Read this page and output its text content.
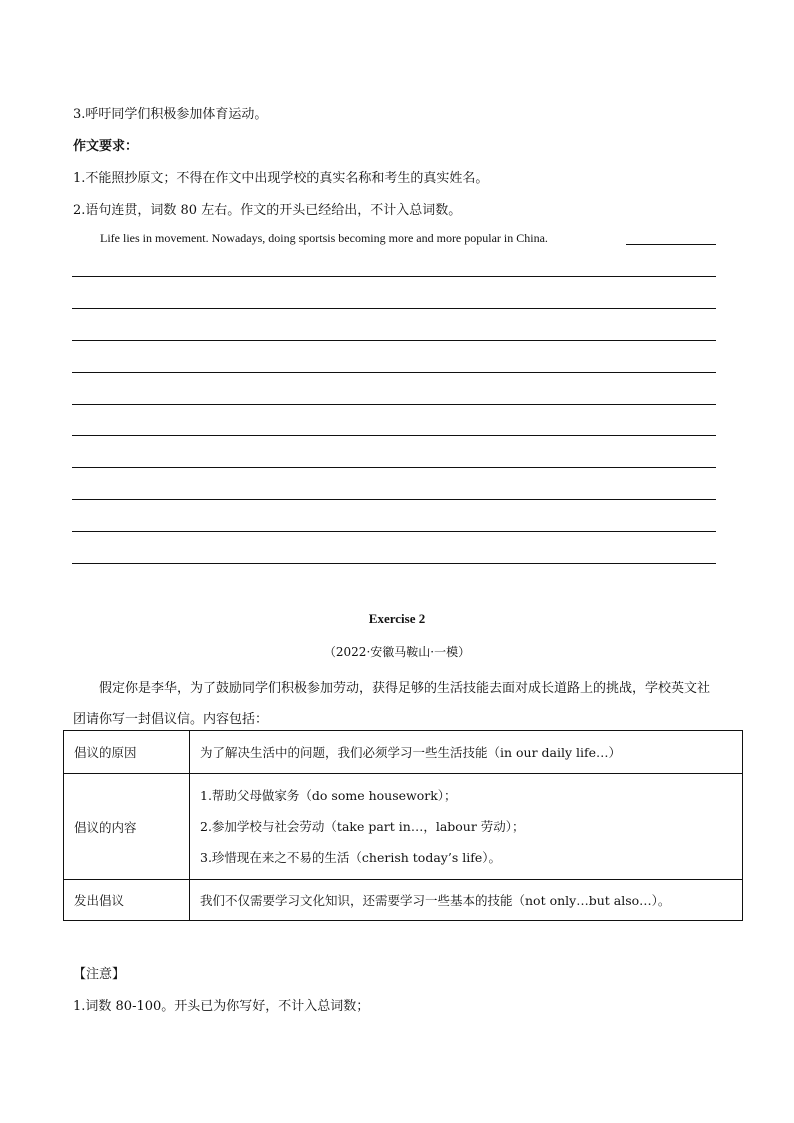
3.呼吁同学们积极参加体育运动。
作文要求：
1.不能照抄原文；不得在作文中出现学校的真实名称和考生的真实姓名。
2.语句连贯，词数 80 左右。作文的开头已经给出，不计入总词数。
Life lies in movement. Nowadays, doing sportsis becoming more and more popular in China.
Exercise 2
（2022·安徽马鞍山·一模）
假定你是李华，为了鼓励同学们积极参加劳动，获得足够的生活技能去面对成长道路上的挑战，学校英文社团请你写一封倡议信。内容包括：
倡议的原因	为了解决生活中的问题，我们必须学习一些生活技能（in our daily life…）
倡议的内容	1.帮助父母做家务（do some housework）；
2.参加学校与社会劳动（take part in…，labour 劳动）；
3.珍惜现在来之不易的生活（cherish today’s life）。

发出倡议	我们不仅需要学习文化知识，还需要学习一些基本的技能（not only…but also…）。
【注意】
1.词数 80-100。开头已为你写好，不计入总词数；
